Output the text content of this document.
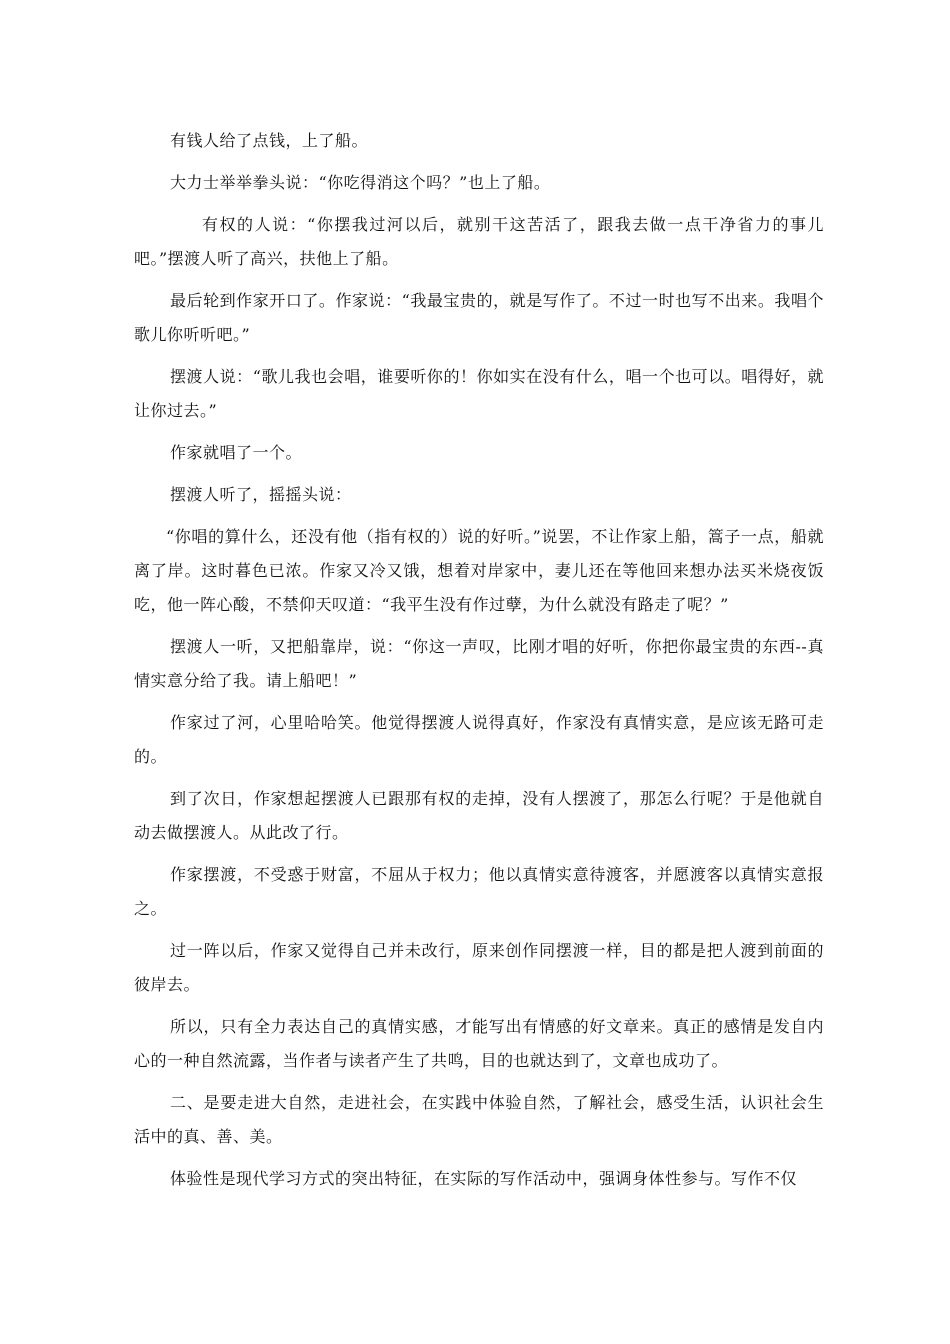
有钱人给了点钱，上了船。

大力士举举拳头说：“你吃得消这个吗？”也上了船。

有权的人说：“你摆我过河以后，就别干这苦活了，跟我去做一点干净省力的事儿吧。”摆渡人听了高兴，扶他上了船。

最后轮到作家开口了。作家说：“我最宝贵的，就是写作了。不过一时也写不出来。我唱个歌儿你听听吧。”

摆渡人说：“歌儿我也会唱，谁要听你的！你如实在没有什么，唱一个也可以。唱得好，就让你过去。”

作家就唱了一个。

摆渡人听了，摇摇头说：

“你唱的算什么，还没有他（指有权的）说的好听。”说罢，不让作家上船，篙子一点，船就离了岸。这时暮色已浓。作家又冷又饿，想着对岸家中，妻儿还在等他回来想办法买米烧夜饭吃，他一阵心酸，不禁仰天叹道：“我平生没有作过孽，为什么就没有路走了呢？”

摆渡人一听，又把船靠岸，说：“你这一声叹，比刚才唱的好听，你把你最宝贵的东西--真情实意分给了我。请上船吧！”

作家过了河，心里哈哈笑。他觉得摆渡人说得真好，作家没有真情实意，是应该无路可走的。

到了次日，作家想起摆渡人已跟那有权的走掉，没有人摆渡了，那怎么行呢？于是他就自动去做摆渡人。从此改了行。

作家摆渡，不受惑于财富，不屈从于权力；他以真情实意待渡客，并愿渡客以真情实意报之。

过一阵以后，作家又觉得自己并未改行，原来创作同摆渡一样，目的都是把人渡到前面的彼岸去。

所以，只有全力表达自己的真情实感，才能写出有情感的好文章来。真正的感情是发自内心的一种自然流露，当作者与读者产生了共鸣，目的也就达到了，文章也成功了。

二、是要走进大自然，走进社会，在实践中体验自然，了解社会，感受生活，认识社会生活中的真、善、美。

体验性是现代学习方式的突出特征，在实际的写作活动中，强调身体性参与。写作不仅
